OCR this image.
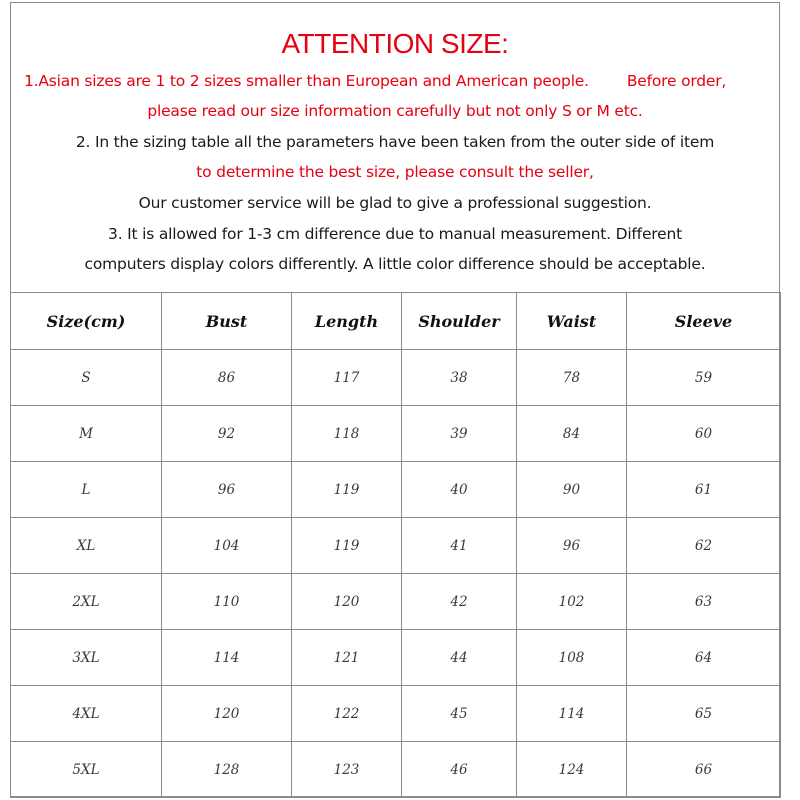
ATTENTION SIZE:
1.Asian sizes are 1 to 2 sizes smaller than European and American people. Before order,
please read our size information carefully but not only S or M etc.
2. In the sizing table all the parameters have been taken from the outer side of item
to determine the best size, please consult the seller,
Our customer service will be glad to give a professional suggestion.
3. It is allowed for 1-3 cm difference due to manual measurement. Different
computers display colors differently. A little color difference should be acceptable.
Size(cm)	Bust	Length	Shoulder	Waist	Sleeve
S	86	117	38	78	59
M	92	118	39	84	60
L	96	119	40	90	61
XL	104	119	41	96	62
2XL	110	120	42	102	63
3XL	114	121	44	108	64
4XL	120	122	45	114	65
5XL	128	123	46	124	66
